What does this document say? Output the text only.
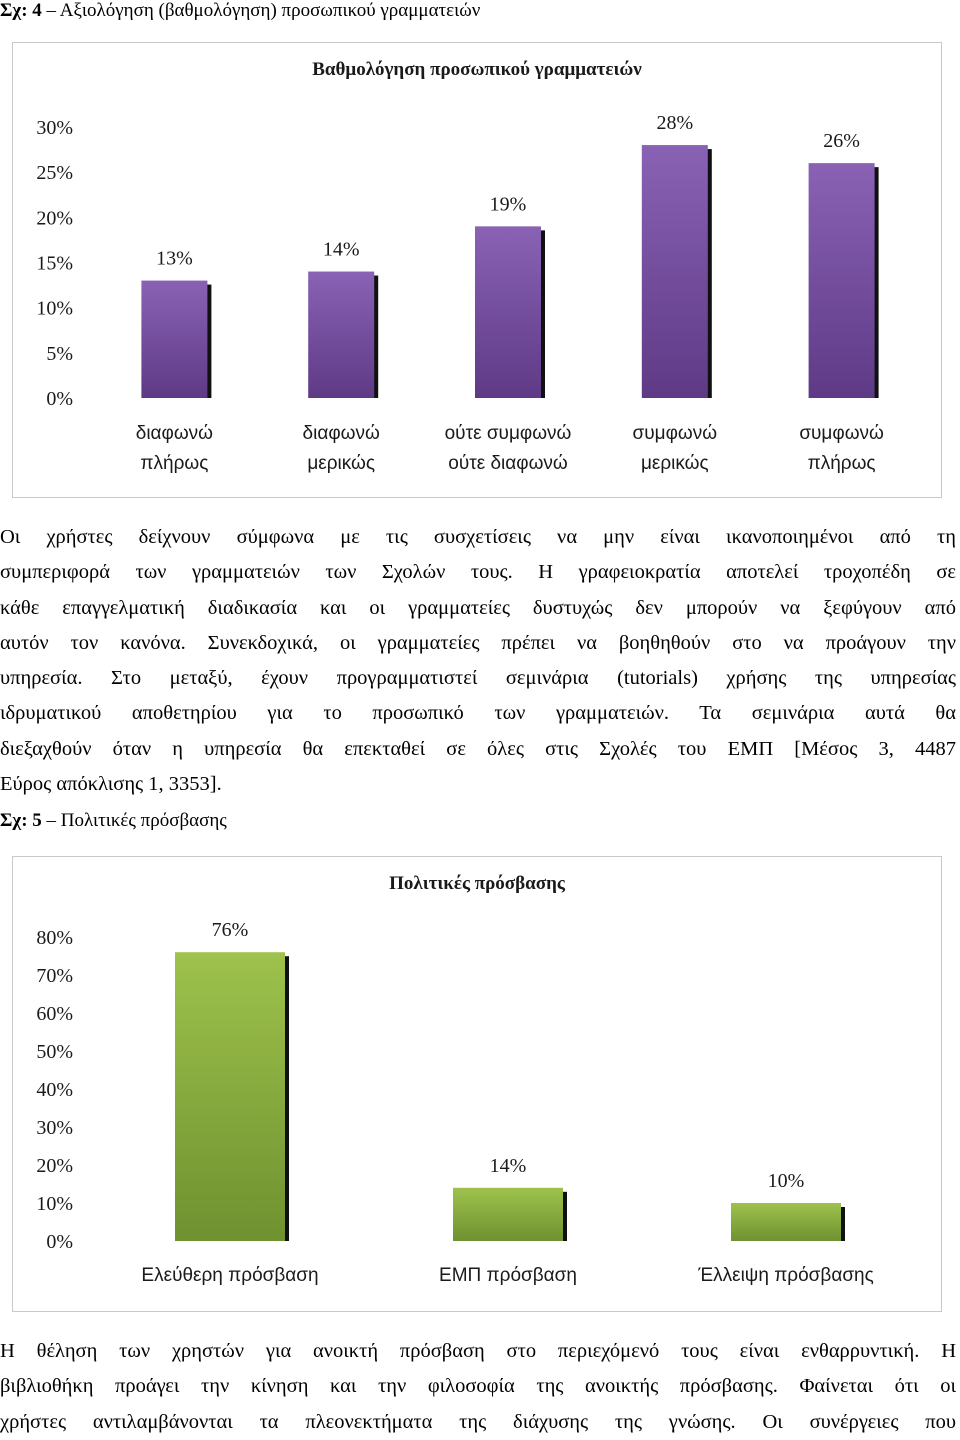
Σχ: 4 – Αξιολόγηση (βαθμολόγηση) προσωπικού γραμματειών
Βαθμολόγηση προσωπικού γραμματειών
0%
5%
10%
15%
20%
25%
30%
13%
διαφωνώ
πλήρως
14%
διαφωνώ
μερικώς
19%
ούτε συμφωνώ
ούτε διαφωνώ
28%
συμφωνώ
μερικώς
26%
συμφωνώ
πλήρως
Οι χρήστες δείχνουν σύμφωνα με τις συσχετίσεις να μην είναι ικανοποιημένοι από τη
συμπεριφορά των γραμματειών των Σχολών τους. Η γραφειοκρατία αποτελεί τροχοπέδη σε
κάθε επαγγελματική διαδικασία και οι γραμματείες δυστυχώς δεν μπορούν να ξεφύγουν από
αυτόν τον κανόνα. Συνεκδοχικά, οι γραμματείες πρέπει να βοηθηθούν στο να προάγουν την
υπηρεσία. Στο μεταξύ, έχουν προγραμματιστεί σεμινάρια (tutorials) χρήσης της υπηρεσίας
ιδρυματικού αποθετηρίου για το προσωπικό των γραμματειών. Τα σεμινάρια αυτά θα
διεξαχθούν όταν η υπηρεσία θα επεκταθεί σε όλες στις Σχολές του ΕΜΠ [Μέσος 3, 4487
Εύρος απόκλισης 1, 3353].
Σχ: 5 – Πολιτικές πρόσβασης
Πολιτικές πρόσβασης
0%
10%
20%
30%
40%
50%
60%
70%
80%	76%
Ελεύθερη πρόσβαση
14%
ΕΜΠ πρόσβαση
10%
Έλλειψη πρόσβασης
Η θέληση των χρηστών για ανοικτή πρόσβαση στο περιεχόμενό τους είναι ενθαρρυντική. Η
βιβλιοθήκη προάγει την κίνηση και την φιλοσοφία της ανοικτής πρόσβασης. Φαίνεται ότι οι
χρήστες αντιλαμβάνονται τα πλεονεκτήματα της διάχυσης της γνώσης. Οι συνέργειες που
